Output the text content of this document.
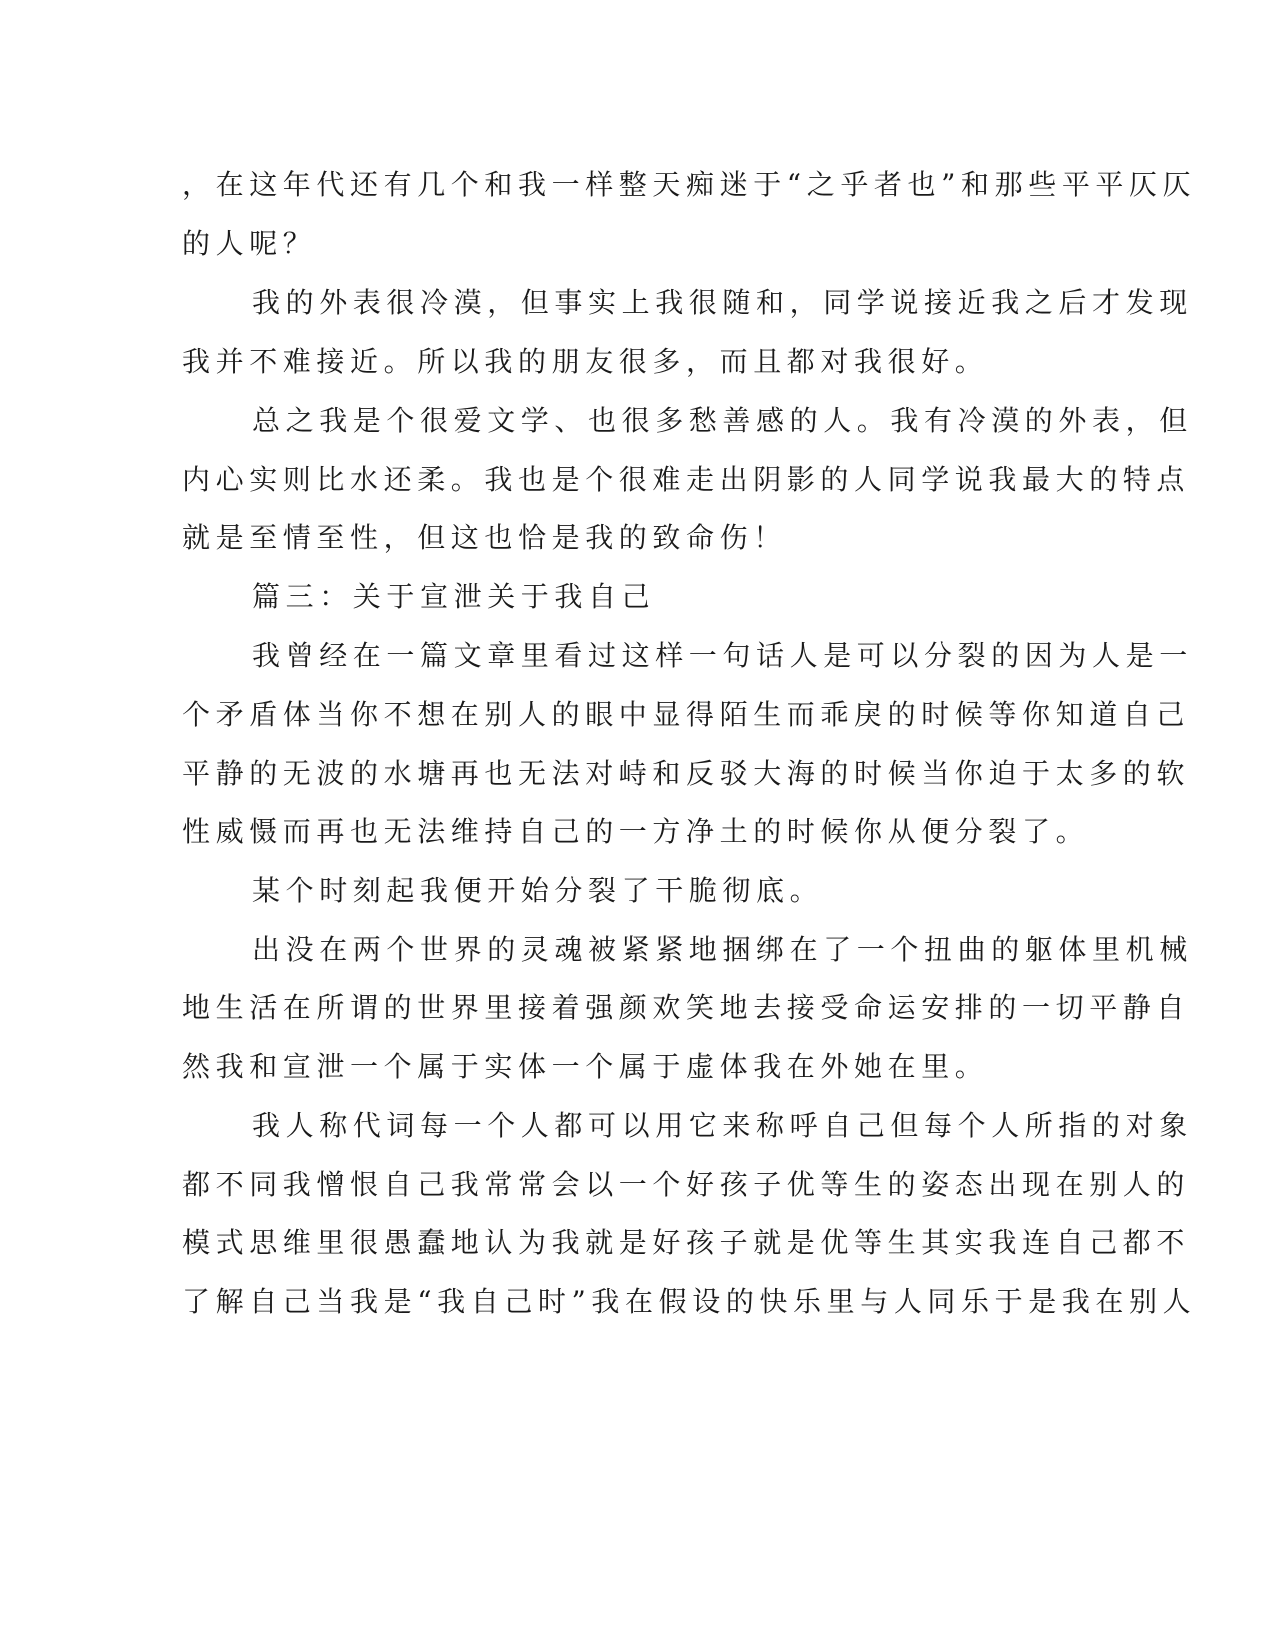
，在这年代还有几个和我一样整天痴迷于“之乎者也”和那些平平仄仄
的人呢？
我的外表很冷漠，但事实上我很随和，同学说接近我之后才发现
我并不难接近。所以我的朋友很多，而且都对我很好。
总之我是个很爱文学、也很多愁善感的人。我有冷漠的外表，但
内心实则比水还柔。我也是个很难走出阴影的人同学说我最大的特点
就是至情至性，但这也恰是我的致命伤！
篇三：关于宣泄关于我自己
我曾经在一篇文章里看过这样一句话人是可以分裂的因为人是一
个矛盾体当你不想在别人的眼中显得陌生而乖戾的时候等你知道自己
平静的无波的水塘再也无法对峙和反驳大海的时候当你迫于太多的软
性威慑而再也无法维持自己的一方净土的时候你从便分裂了。
某个时刻起我便开始分裂了干脆彻底。
出没在两个世界的灵魂被紧紧地捆绑在了一个扭曲的躯体里机械
地生活在所谓的世界里接着强颜欢笑地去接受命运安排的一切平静自
然我和宣泄一个属于实体一个属于虚体我在外她在里。
我人称代词每一个人都可以用它来称呼自己但每个人所指的对象
都不同我憎恨自己我常常会以一个好孩子优等生的姿态出现在别人的
模式思维里很愚蠢地认为我就是好孩子就是优等生其实我连自己都不
了解自己当我是“我自己时”我在假设的快乐里与人同乐于是我在别人
